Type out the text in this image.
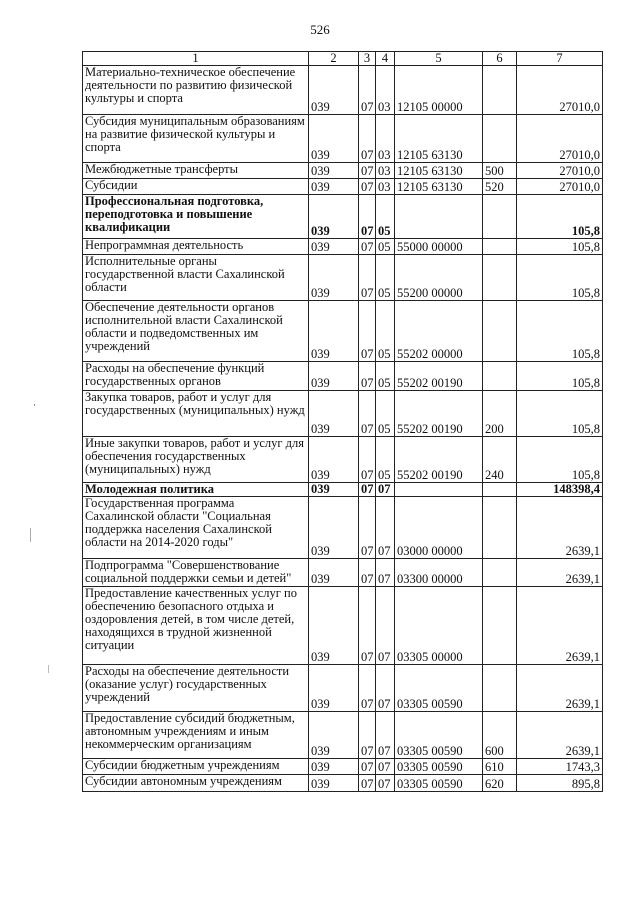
526
1	2	3	4	5	6	7
Материально-техническое обеспечение деятельности по развитию физической культуры и спорта	039	07	03	12105 00000		27010,0
Субсидия муниципальным образованиям на развитие физической культуры и спорта	039	07	03	12105 63130		27010,0
Межбюджетные трансферты	039	07	03	12105 63130	500	27010,0
Субсидии	039	07	03	12105 63130	520	27010,0
Профессиональная подготовка, переподготовка и повышение квалификации	039	07	05			105,8
Непрограммная деятельность	039	07	05	55000 00000		105,8
Исполнительные органы государственной власти Сахалинской области	039	07	05	55200 00000		105,8
Обеспечение деятельности органов исполнительной власти Сахалинской области и подведомственных им учреждений	039	07	05	55202 00000		105,8
Расходы на обеспечение функций государственных органов	039	07	05	55202 00190		105,8
Закупка товаров, работ и услуг для государственных (муниципальных) нужд	039	07	05	55202 00190	200	105,8
Иные закупки товаров, работ и услуг для обеспечения государственных (муниципальных) нужд	039	07	05	55202 00190	240	105,8
Молодежная политика	039	07	07			148398,4
Государственная программа Сахалинской области "Социальная поддержка населения Сахалинской области на 2014-2020 годы"	039	07	07	03000 00000		2639,1
Подпрограмма "Совершенствование социальной поддержки семьи и детей"	039	07	07	03300 00000		2639,1
Предоставление качественных услуг по обеспечению безопасного отдыха и оздоровления детей, в том числе детей, находящихся в трудной жизненной ситуации	039	07	07	03305 00000		2639,1
Расходы на обеспечение деятельности (оказание услуг) государственных учреждений	039	07	07	03305 00590		2639,1
Предоставление субсидий бюджетным, автономным учреждениям и иным некоммерческим организациям	039	07	07	03305 00590	600	2639,1
Субсидии бюджетным учреждениям	039	07	07	03305 00590	610	1743,3
Субсидии автономным учреждениям	039	07	07	03305 00590	620	895,8
